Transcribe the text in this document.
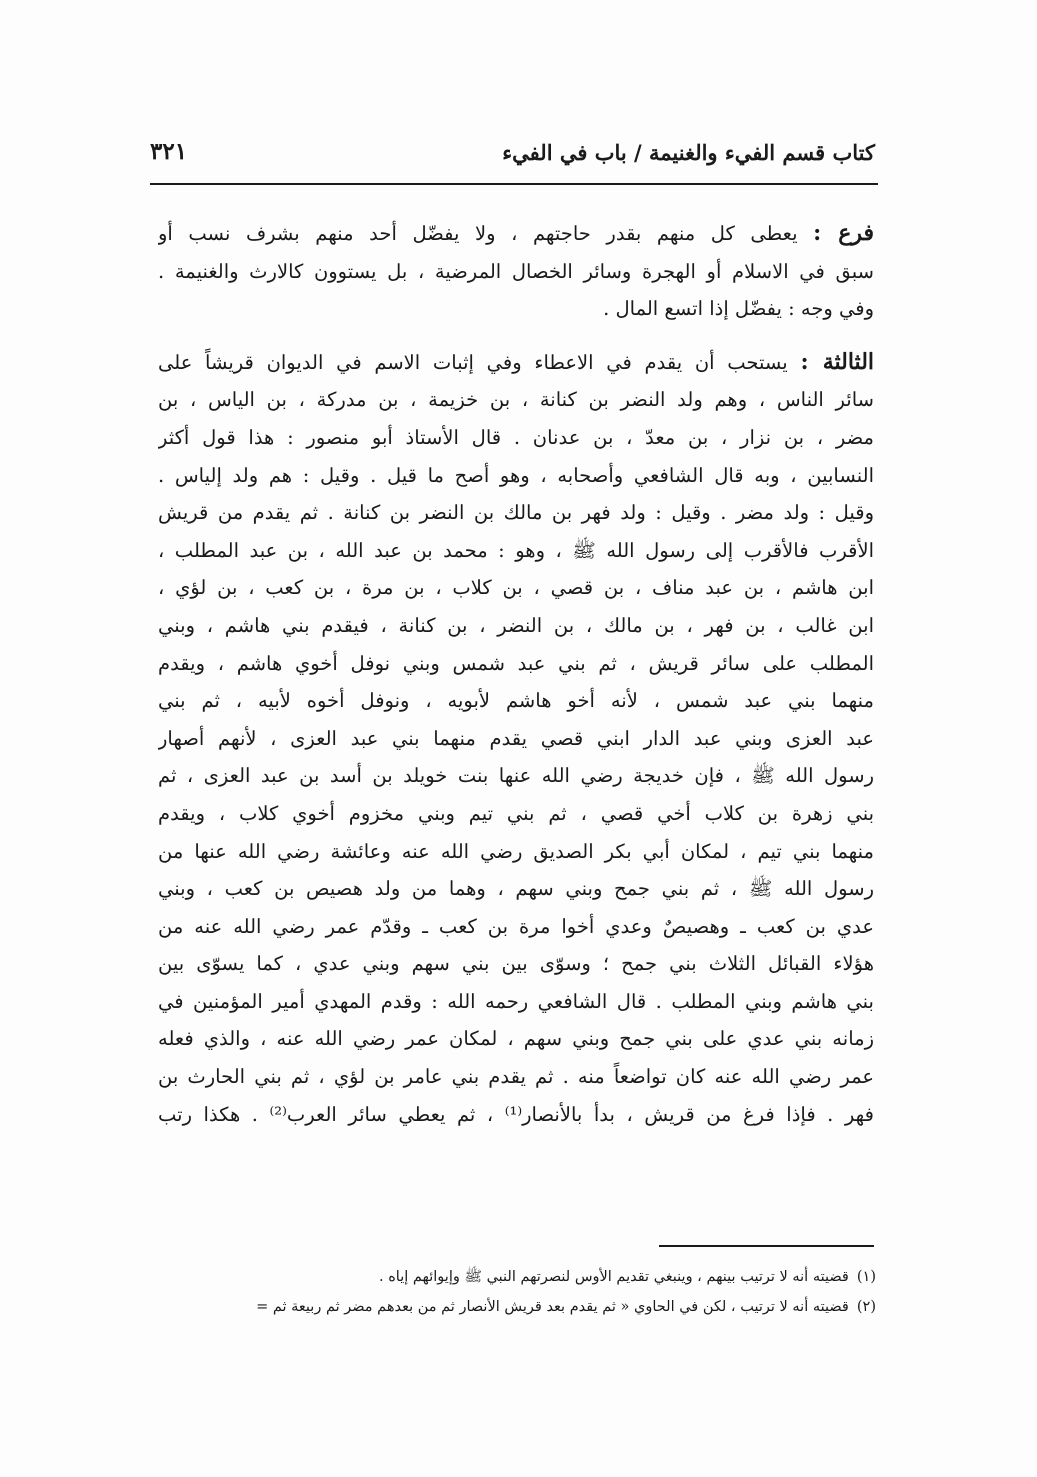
كتاب قسم الفيء والغنيمة / باب في الفيء
٣٢١
فرع : يعطى كل منهم بقدر حاجتهم ، ولا يفضّل أحد منهم بشرف نسب أو
سبق في الاسلام أو الهجرة وسائر الخصال المرضية ، بل يستوون كالارث والغنيمة .
وفي وجه : يفضّل إذا اتسع المال .
الثالثة : يستحب أن يقدم في الاعطاء وفي إثبات الاسم في الديوان قريشاً على
سائر الناس ، وهم ولد النضر بن كنانة ، بن خزيمة ، بن مدركة ، بن الياس ، بن
مضر ، بن نزار ، بن معدّ ، بن عدنان . قال الأستاذ أبو منصور : هذا قول أكثر
النسابين ، وبه قال الشافعي وأصحابه ، وهو أصح ما قيل . وقيل : هم ولد إلياس .
وقيل : ولد مضر . وقيل : ولد فهر بن مالك بن النضر بن كنانة . ثم يقدم من قريش
الأقرب فالأقرب إلى رسول الله ﷺ ، وهو : محمد بن عبد الله ، بن عبد المطلب ،
ابن هاشم ، بن عبد مناف ، بن قصي ، بن كلاب ، بن مرة ، بن كعب ، بن لؤي ،
ابن غالب ، بن فهر ، بن مالك ، بن النضر ، بن كنانة ، فيقدم بني هاشم ، وبني
المطلب على سائر قريش ، ثم بني عبد شمس وبني نوفل أخوي هاشم ، ويقدم
منهما بني عبد شمس ، لأنه أخو هاشم لأبويه ، ونوفل أخوه لأبيه ، ثم بني
عبد العزى وبني عبد الدار ابني قصي يقدم منهما بني عبد العزى ، لأنهم أصهار
رسول الله ﷺ ، فإن خديجة رضي الله عنها بنت خويلد بن أسد بن عبد العزى ، ثم
بني زهرة بن كلاب أخي قصي ، ثم بني تيم وبني مخزوم أخوي كلاب ، ويقدم
منهما بني تيم ، لمكان أبي بكر الصديق رضي الله عنه وعائشة رضي الله عنها من
رسول الله ﷺ ، ثم بني جمح وبني سهم ، وهما من ولد هصيص بن كعب ، وبني
عدي بن كعب ـ وهصيصٌ وعدي أخوا مرة بن كعب ـ وقدّم عمر رضي الله عنه من
هؤلاء القبائل الثلاث بني جمح ؛ وسوّى بين بني سهم وبني عدي ، كما يسوّى بين
بني هاشم وبني المطلب . قال الشافعي رحمه الله : وقدم المهدي أمير المؤمنين في
زمانه بني عدي على بني جمح وبني سهم ، لمكان عمر رضي الله عنه ، والذي فعله
عمر رضي الله عنه كان تواضعاً منه . ثم يقدم بني عامر بن لؤي ، ثم بني الحارث بن
فهر . فإذا فرغ من قريش ، بدأ بالأنصار⁽¹⁾ ، ثم يعطي سائر العرب⁽²⁾ . هكذا رتب
(١)قضيته أنه لا ترتيب بينهم ، وينبغي تقديم الأوس لنصرتهم النبي ﷺ وإيوائهم إياه .
(٢)قضيته أنه لا ترتيب ، لكن في الحاوي « ثم يقدم بعد قريش الأنصار ثم من بعدهم مضر ثم ربيعة ثم =
